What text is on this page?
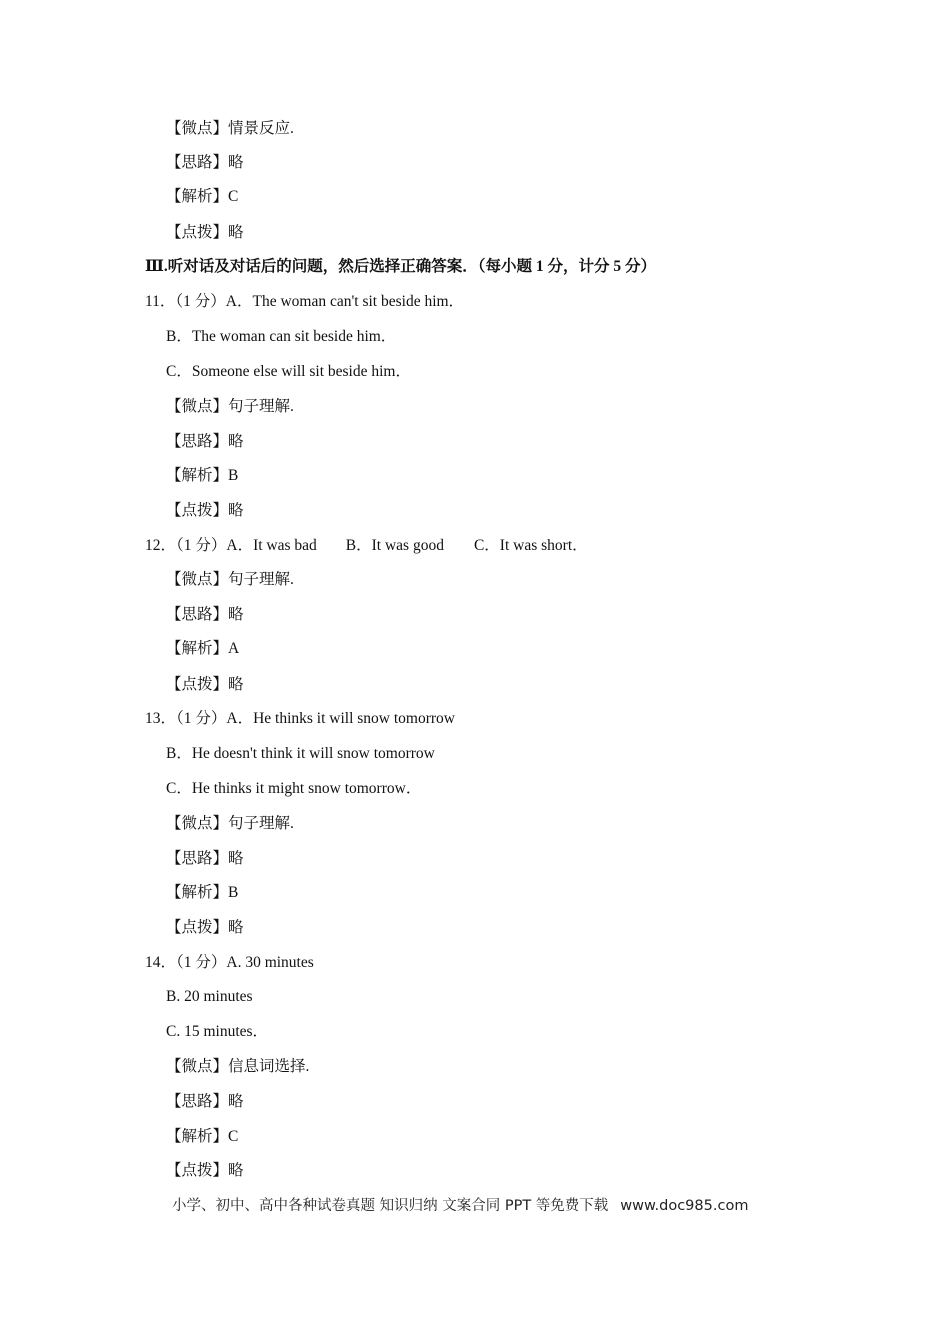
【微点】情景反应.
【思路】略
【解析】C
【点拨】略
Ⅲ.听对话及对话后的问题，然后选择正确答案．（每小题 1 分，计分 5 分）
11．（1 分）A．The woman can't sit beside him．
B．The woman can sit beside him．
C．Someone else will sit beside him．
【微点】句子理解.
【思路】略
【解析】B
【点拨】略
12．（1 分）A．It was bad B．It was good C．It was short．
【微点】句子理解.
【思路】略
【解析】A
【点拨】略
13．（1 分）A．He thinks it will snow tomorrow
B．He doesn't think it will snow tomorrow
C．He thinks it might snow tomorrow．
【微点】句子理解.
【思路】略
【解析】B
【点拨】略
14．（1 分）A. 30 minutes
B. 20 minutes
C. 15 minutes．
【微点】信息词选择.
【思路】略
【解析】C
【点拨】略
小学、初中、高中各种试卷真题 知识归纳 文案合同 PPT 等免费下载 www.doc985.com
